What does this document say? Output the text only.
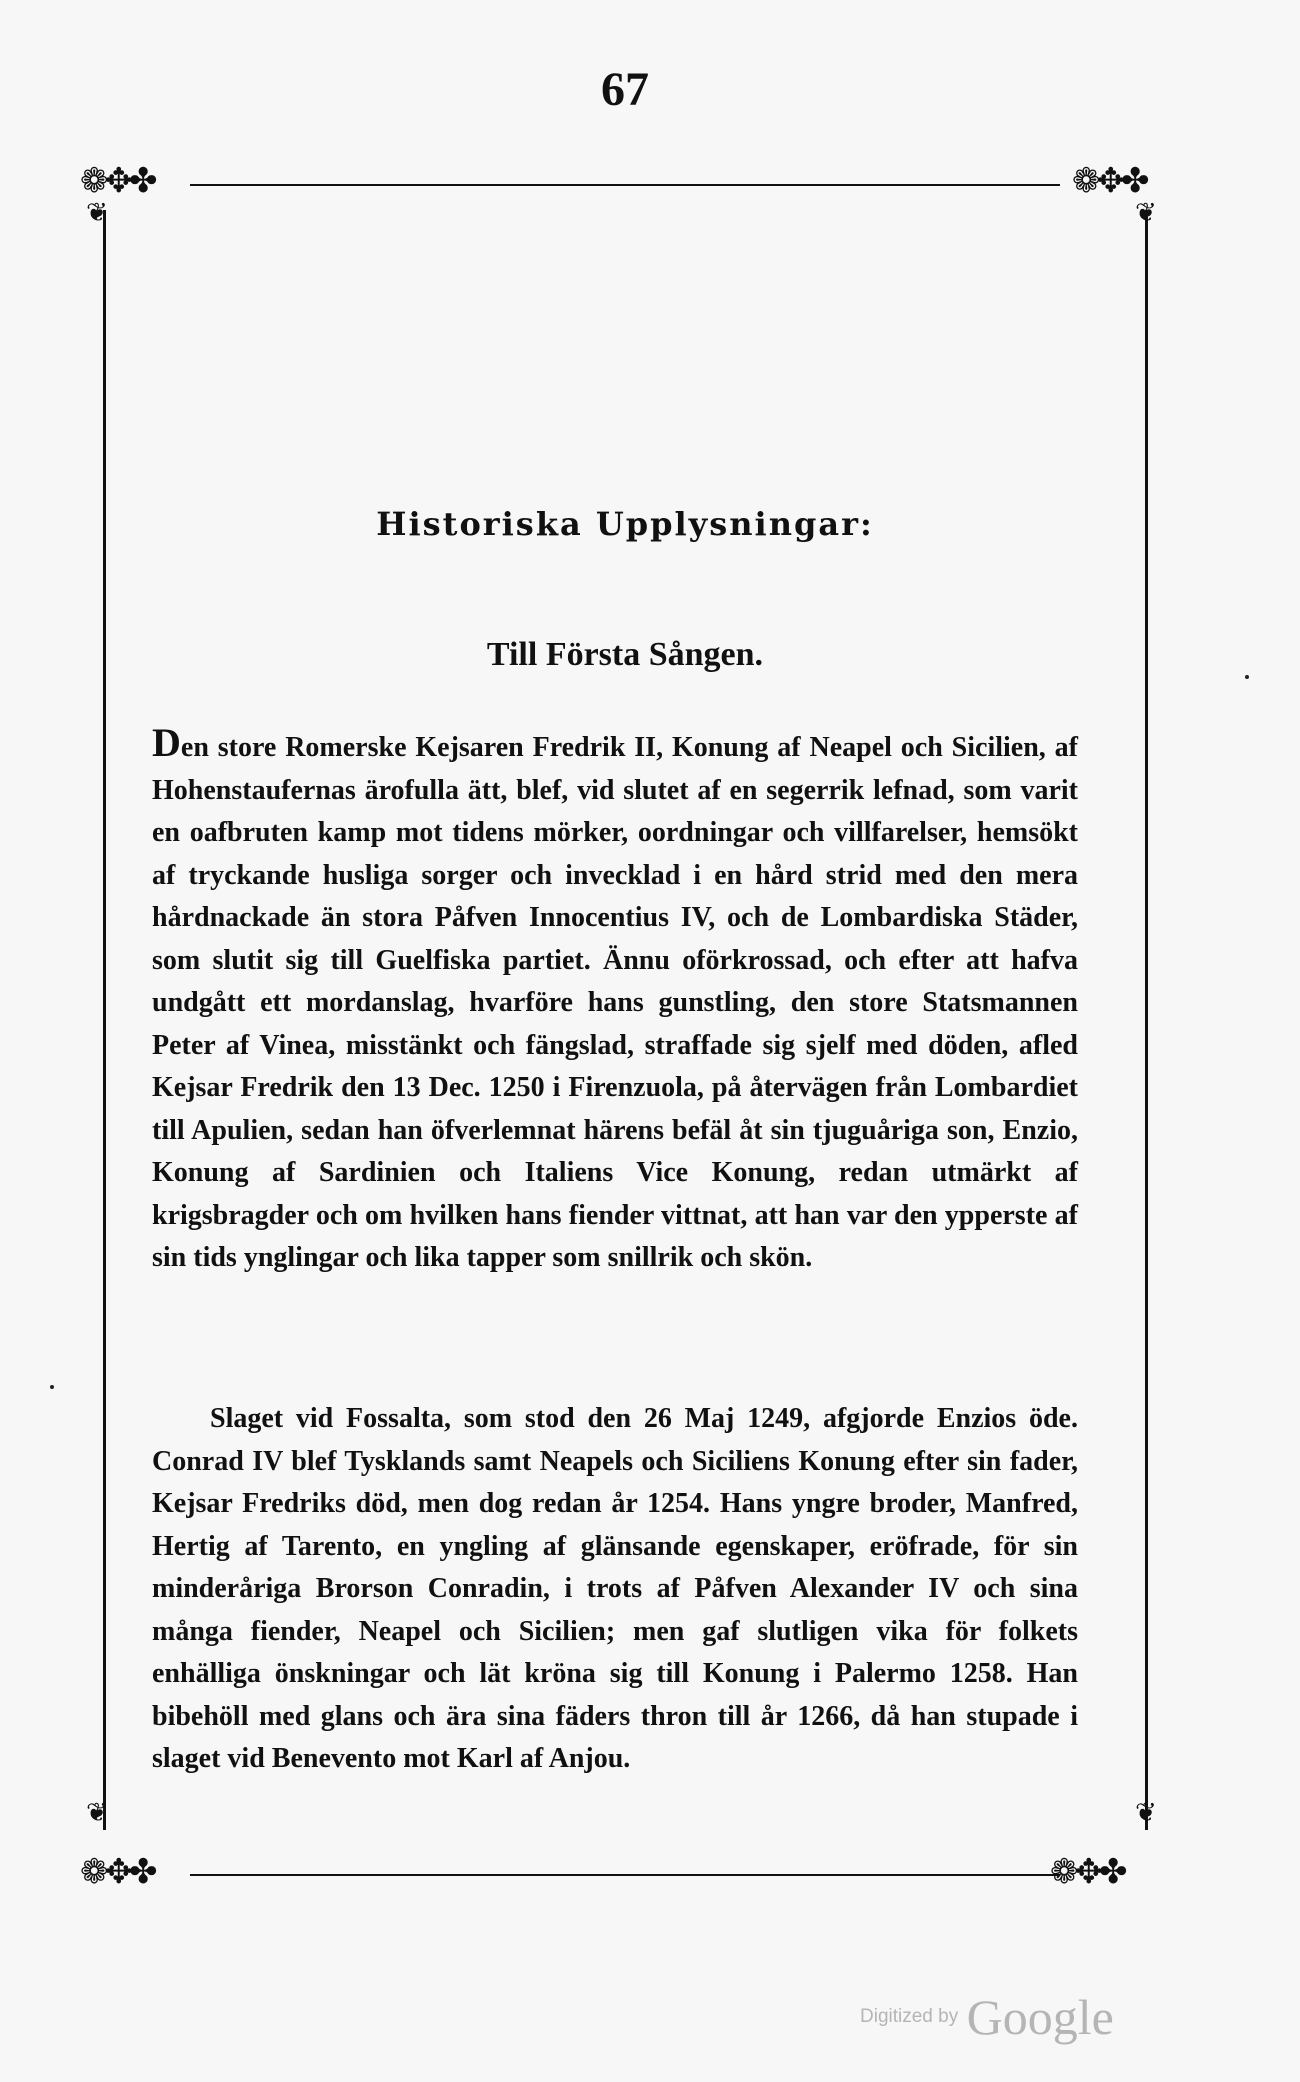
67
❁✥✤	❁✥✤
❁✥✤	❁✥✤
❦	❦
❦	❦
Historiska Upplysningar:
Till Första Sången.
Den store Romerske Kejsaren Fredrik II, Konung af Neapel och Sicilien, af Hohenstaufernas ärofulla ätt, blef, vid slutet af en segerrik lefnad, som varit en oafbruten kamp mot tidens mörker, oordningar och villfarelser, hemsökt af tryckande husliga sorger och invecklad i en hård strid med den mera hårdnackade än stora Påfven Innocentius IV, och de Lombardiska Städer, som slutit sig till Guelfiska partiet. Ännu oförkrossad, och efter att hafva undgått ett mordanslag, hvarföre hans gunstling, den store Statsmannen Peter af Vinea, misstänkt och fängslad, straffade sig sjelf med döden, afled Kejsar Fredrik den 13 Dec. 1250 i Firenzuola, på återvägen från Lombardiet till Apulien, sedan han öfverlemnat härens befäl åt sin tjuguåriga son, Enzio, Konung af Sardinien och Italiens Vice Konung, redan utmärkt af krigsbragder och om hvilken hans fiender vittnat, att han var den ypperste af sin tids ynglingar och lika tapper som snillrik och skön.
Slaget vid Fossalta, som stod den 26 Maj 1249, afgjorde Enzios öde. Conrad IV blef Tysklands samt Neapels och Siciliens Konung efter sin fader, Kejsar Fredriks död, men dog redan år 1254. Hans yngre broder, Manfred, Hertig af Tarento, en yngling af glänsande egenskaper, eröfrade, för sin minderåriga Brorson Conradin, i trots af Påfven Alexander IV och sina många fiender, Neapel och Sicilien; men gaf slutligen vika för folkets enhälliga önskningar och lät kröna sig till Konung i Palermo 1258. Han bibehöll med glans och ära sina fäders thron till år 1266, då han stupade i slaget vid Benevento mot Karl af Anjou.
Digitized by Google
